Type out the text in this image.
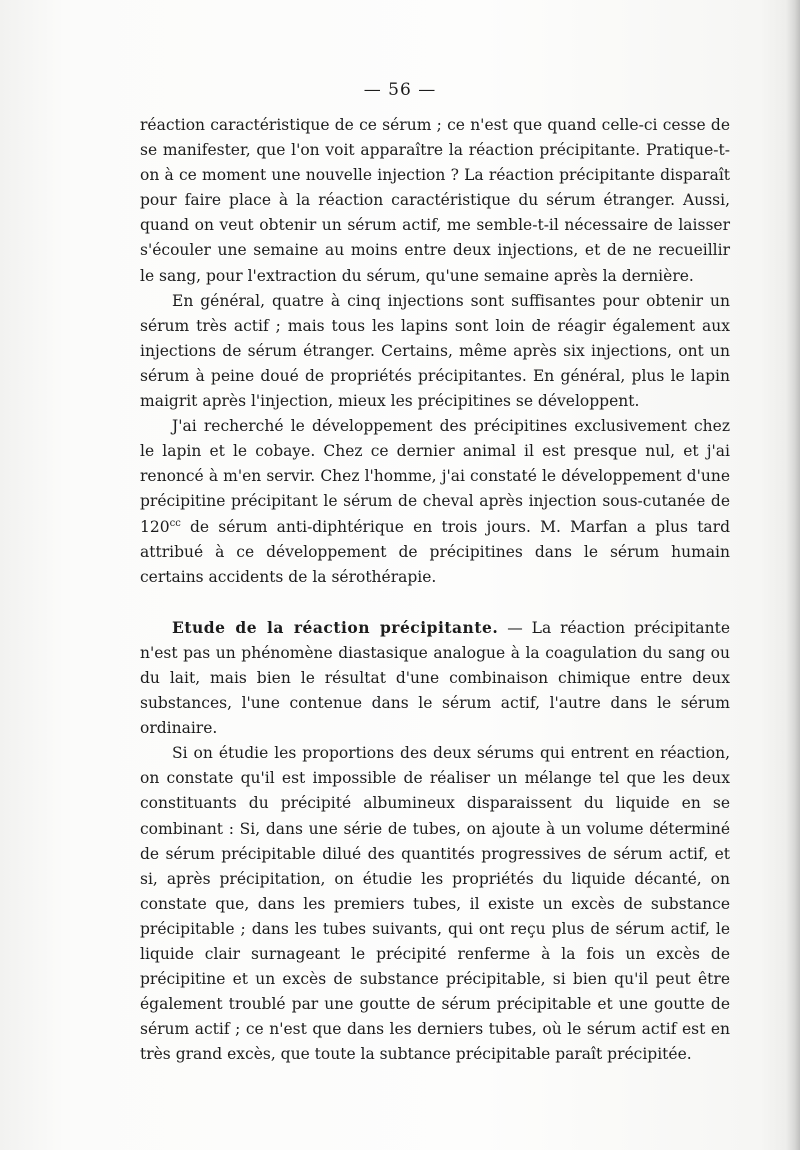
— 56 —

réaction caractéristique de ce sérum ; ce n'est que quand celle-ci cesse de se manifester, que l'on voit apparaître la réaction précipitante. Pratique-t-on à ce moment une nouvelle injection ? La réaction précipitante disparaît pour faire place à la réaction caractéristique du sérum étranger. Aussi, quand on veut obtenir un sérum actif, me semble-t-il nécessaire de laisser s'écouler une semaine au moins entre deux injections, et de ne recueillir le sang, pour l'extraction du sérum, qu'une semaine après la dernière.

En général, quatre à cinq injections sont suffisantes pour obtenir un sérum très actif ; mais tous les lapins sont loin de réagir également aux injections de sérum étranger. Certains, même après six injections, ont un sérum à peine doué de propriétés précipitantes. En général, plus le lapin maigrit après l'injection, mieux les précipitines se développent.

J'ai recherché le développement des précipitines exclusivement chez le lapin et le cobaye. Chez ce dernier animal il est presque nul, et j'ai renoncé à m'en servir. Chez l'homme, j'ai constaté le développement d'une précipitine précipitant le sérum de cheval après injection sous-cutanée de $120^{cc}$ de sérum anti-diphtérique en trois jours. M. Marfan a plus tard attribué à ce développement de précipitines dans le sérum humain certains accidents de la sérothérapie.

Etude de la réaction précipitante. — La réaction précipitante n'est pas un phénomène diastasique analogue à la coagulation du sang ou du lait, mais bien le résultat d'une combinaison chimique entre deux substances, l'une contenue dans le sérum actif, l'autre dans le sérum ordinaire.

Si on étudie les proportions des deux sérums qui entrent en réaction, on constate qu'il est impossible de réaliser un mélange tel que les deux constituants du précipité albumineux disparaissent du liquide en se combinant : Si, dans une série de tubes, on ajoute à un volume déterminé de sérum précipitable dilué des quantités progressives de sérum actif, et si, après précipitation, on étudie les propriétés du liquide décanté, on constate que, dans les premiers tubes, il existe un excès de substance précipitable ; dans les tubes suivants, qui ont reçu plus de sérum actif, le liquide clair surnageant le précipité renferme à la fois un excès de précipitine et un excès de substance précipitable, si bien qu'il peut être également troublé par une goutte de sérum précipitable et une goutte de sérum actif ; ce n'est que dans les derniers tubes, où le sérum actif est en très grand excès, que toute la subtance précipitable paraît précipitée.
